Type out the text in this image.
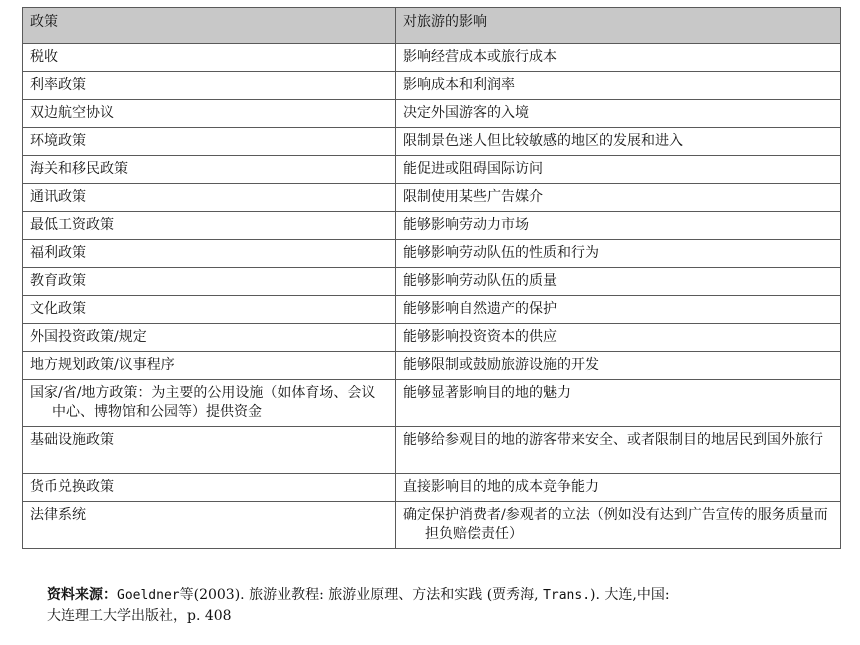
政策	对旅游的影响

税收	影响经营成本或旅行成本

利率政策	影响成本和利润率

双边航空协议	决定外国游客的入境

环境政策	限制景色迷人但比较敏感的地区的发展和进入

海关和移民政策	能促进或阻碍国际访问

通讯政策	限制使用某些广告媒介

最低工资政策	能够影响劳动力市场

福利政策	能够影响劳动队伍的性质和行为

教育政策	能够影响劳动队伍的质量

文化政策	能够影响自然遗产的保护

外国投资政策/规定	能够影响投资资本的供应

地方规划政策/议事程序	能够限制或鼓励旅游设施的开发

国家/省/地方政策：为主要的公用设施（如体育场、会议中心、博物馆和公园等）提供资金	能够显著影响目的地的魅力

基础设施政策	能够给参观目的地的游客带来安全、或者限制目的地居民到国外旅行

货币兑换政策	直接影响目的地的成本竞争能力

法律系统	确定保护消费者/参观者的立法（例如没有达到广告宣传的服务质量而担负赔偿责任）
资料来源：Goeldner等(2003). 旅游业教程: 旅游业原理、方法和实践 (贾秀海, Trans.). 大连,中国:
大连理工大学出版社，p. 408
